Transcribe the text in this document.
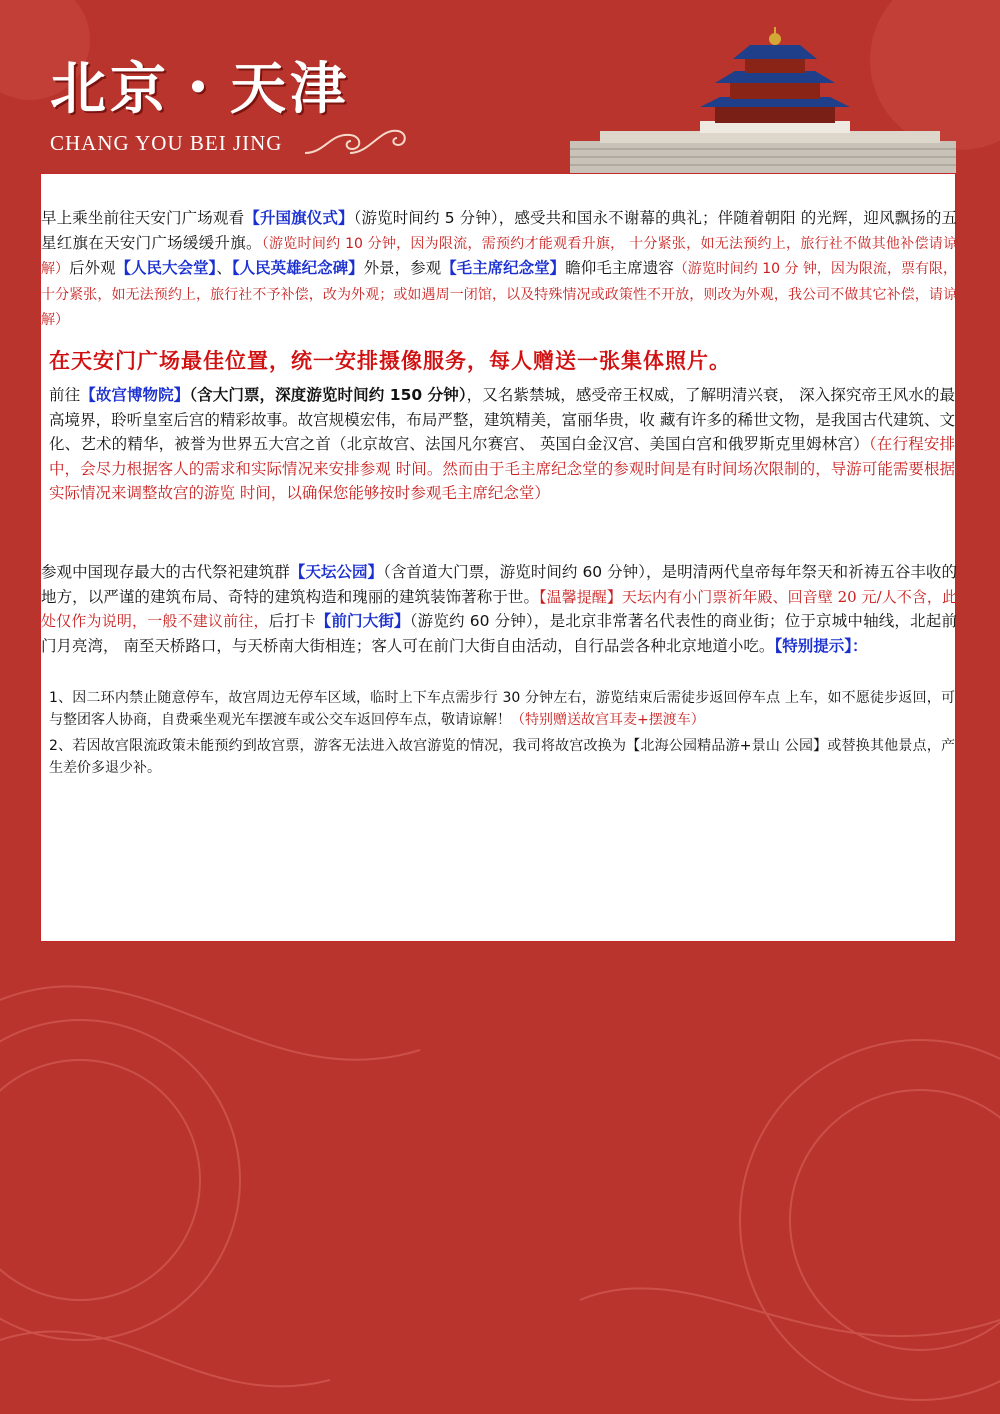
北京・天津

CHANG YOU BEI JING

早上乘坐前往天安门广场观看【升国旗仪式】（游览时间约 5 分钟），感受共和国永不谢幕的典礼；伴随着朝阳 的光辉，迎风飘扬的五星红旗在天安门广场缓缓升旗。（游览时间约 10 分钟，因为限流，需预约才能观看升旗， 十分紧张，如无法预约上，旅行社不做其他补偿请谅解）后外观【人民大会堂】、【人民英雄纪念碑】外景，参观【毛主席纪念堂】瞻仰毛主席遗容（游览时间约 10 分 钟，因为限流，票有限，十分紧张，如无法预约上，旅行社不予补偿，改为外观；或如遇周一闭馆，以及特殊情况或政策性不开放，则改为外观，我公司不做其它补偿，请谅解）

在天安门广场最佳位置，统一安排摄像服务，每人赠送一张集体照片。

前往【故宫博物院】（含大门票，深度游览时间约 150 分钟），又名紫禁城，感受帝王权威，了解明清兴衰， 深入探究帝王风水的最高境界，聆听皇室后宫的精彩故事。故宫规模宏伟，布局严整，建筑精美，富丽华贵，收 藏有许多的稀世文物，是我国古代建筑、文化、艺术的精华，被誉为世界五大宫之首（北京故宫、法国凡尔赛宫、 英国白金汉宫、美国白宫和俄罗斯克里姆林宫）（在行程安排中，会尽力根据客人的需求和实际情况来安排参观 时间。然而由于毛主席纪念堂的参观时间是有时间场次限制的，导游可能需要根据实际情况来调整故宫的游览 时间，以确保您能够按时参观毛主席纪念堂）

参观中国现存最大的古代祭祀建筑群【天坛公园】（含首道大门票，游览时间约 60 分钟），是明清两代皇帝每年祭天和祈祷五谷丰收的地方，以严谨的建筑布局、奇特的建筑构造和瑰丽的建筑装饰著称于世。【温馨提醒】天坛内有小门票祈年殿、回音壁 20 元/人不含，此处仅作为说明，一般不建议前往，后打卡【前门大街】（游览约 60 分钟），是北京非常著名代表性的商业街；位于京城中轴线，北起前门月亮湾， 南至天桥路口，与天桥南大街相连；客人可在前门大街自由活动，自行品尝各种北京地道小吃。【特别提示】：

1、因二环内禁止随意停车，故宫周边无停车区域，临时上下车点需步行 30 分钟左右，游览结束后需徒步返回停车点 上车，如不愿徒步返回，可与整团客人协商，自费乘坐观光车摆渡车或公交车返回停车点，敬请谅解！（特别赠送故宫耳麦+摆渡车）

2、若因故宫限流政策未能预约到故宫票，游客无法进入故宫游览的情况，我司将故宫改换为【北海公园精品游+景山 公园】或替换其他景点，产生差价多退少补。
